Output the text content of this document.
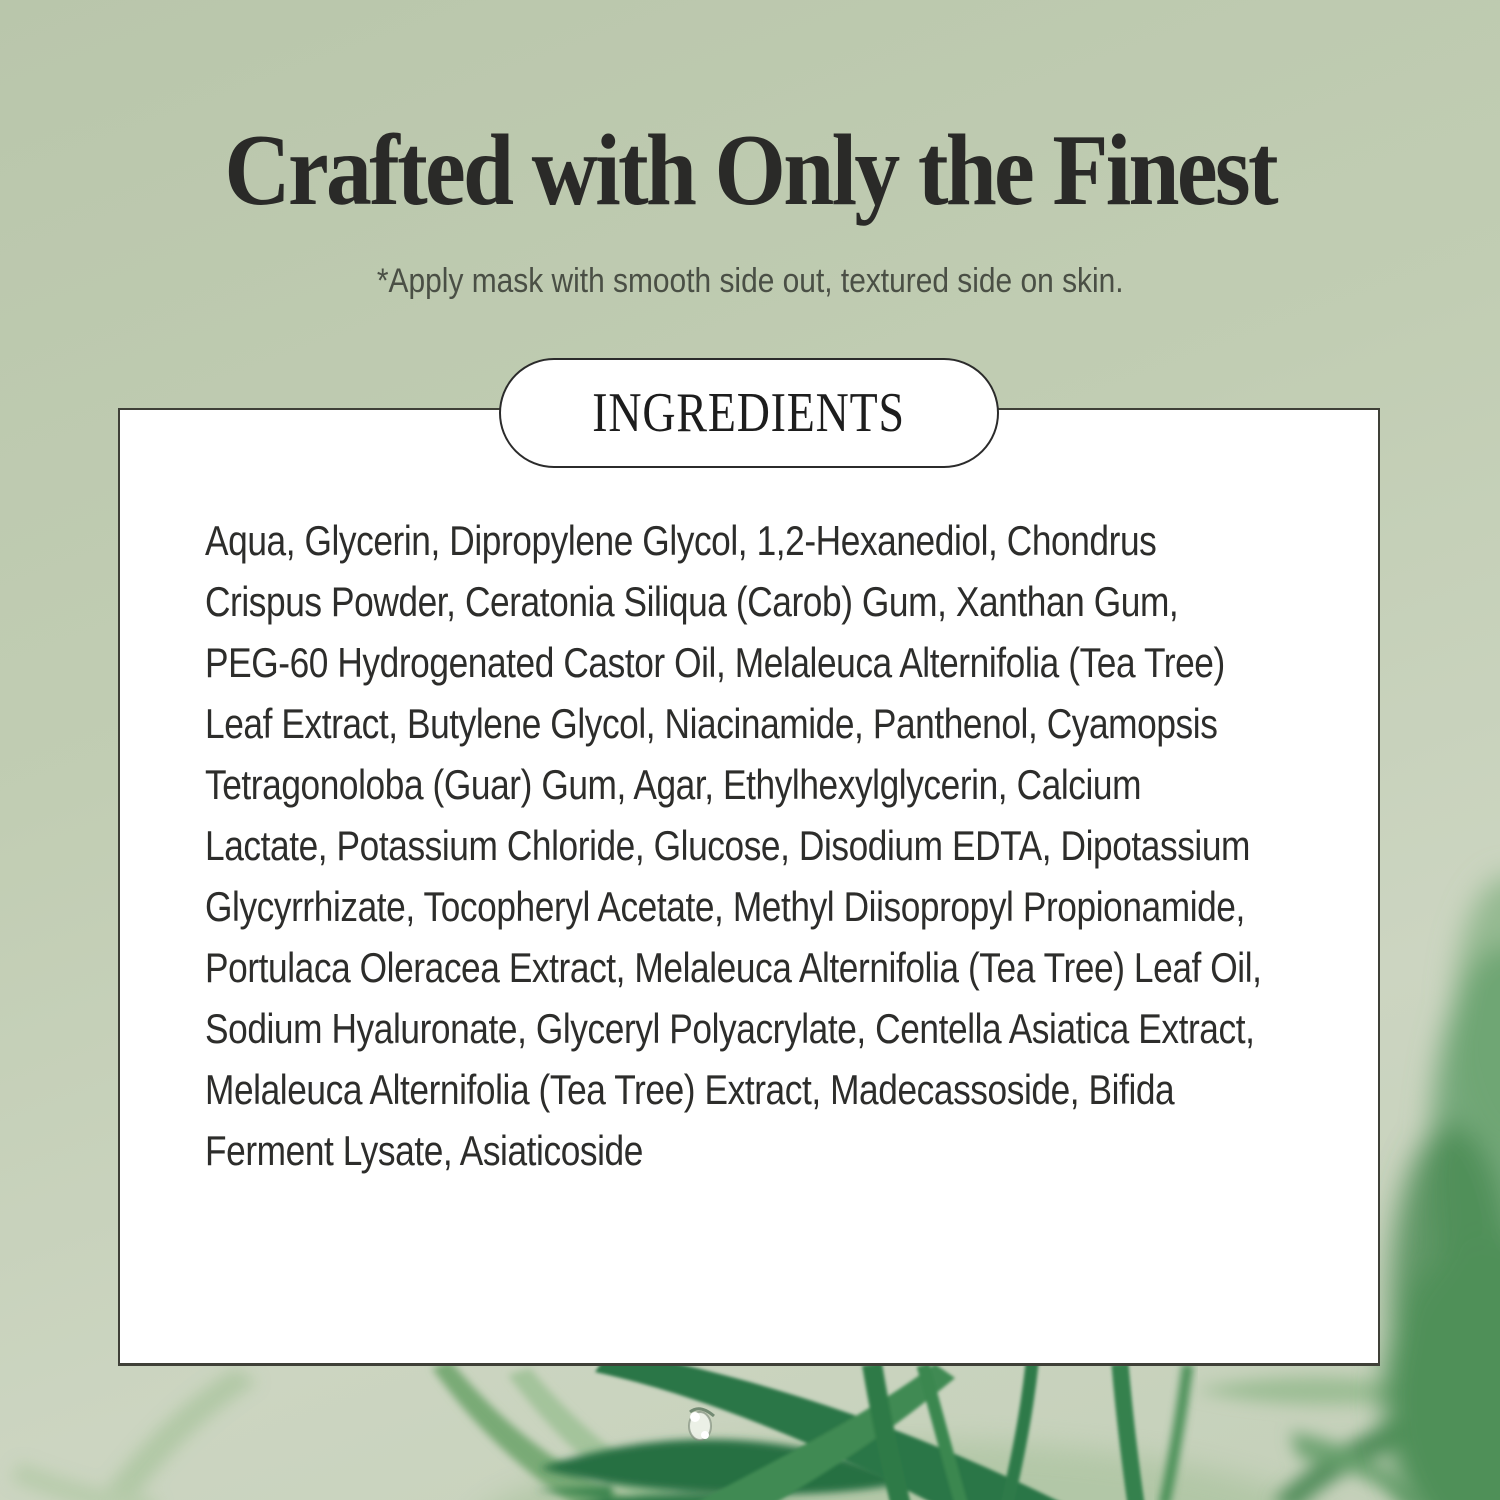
Crafted with Only the Finest
*Apply mask with smooth side out, textured side on skin.
INGREDIENTS
Aqua, Glycerin, Dipropylene Glycol, 1,2-Hexanediol, Chondrus
Crispus Powder, Ceratonia Siliqua (Carob) Gum, Xanthan Gum,
PEG-60 Hydrogenated Castor Oil, Melaleuca Alternifolia (Tea Tree)
Leaf Extract, Butylene Glycol, Niacinamide, Panthenol, Cyamopsis
Tetragonoloba (Guar) Gum, Agar, Ethylhexylglycerin, Calcium
Lactate, Potassium Chloride, Glucose, Disodium EDTA, Dipotassium
Glycyrrhizate, Tocopheryl Acetate, Methyl Diisopropyl Propionamide,
Portulaca Oleracea Extract, Melaleuca Alternifolia (Tea Tree) Leaf Oil,
Sodium Hyaluronate, Glyceryl Polyacrylate, Centella Asiatica Extract,
Melaleuca Alternifolia (Tea Tree) Extract, Madecassoside, Bifida
Ferment Lysate, Asiaticoside
